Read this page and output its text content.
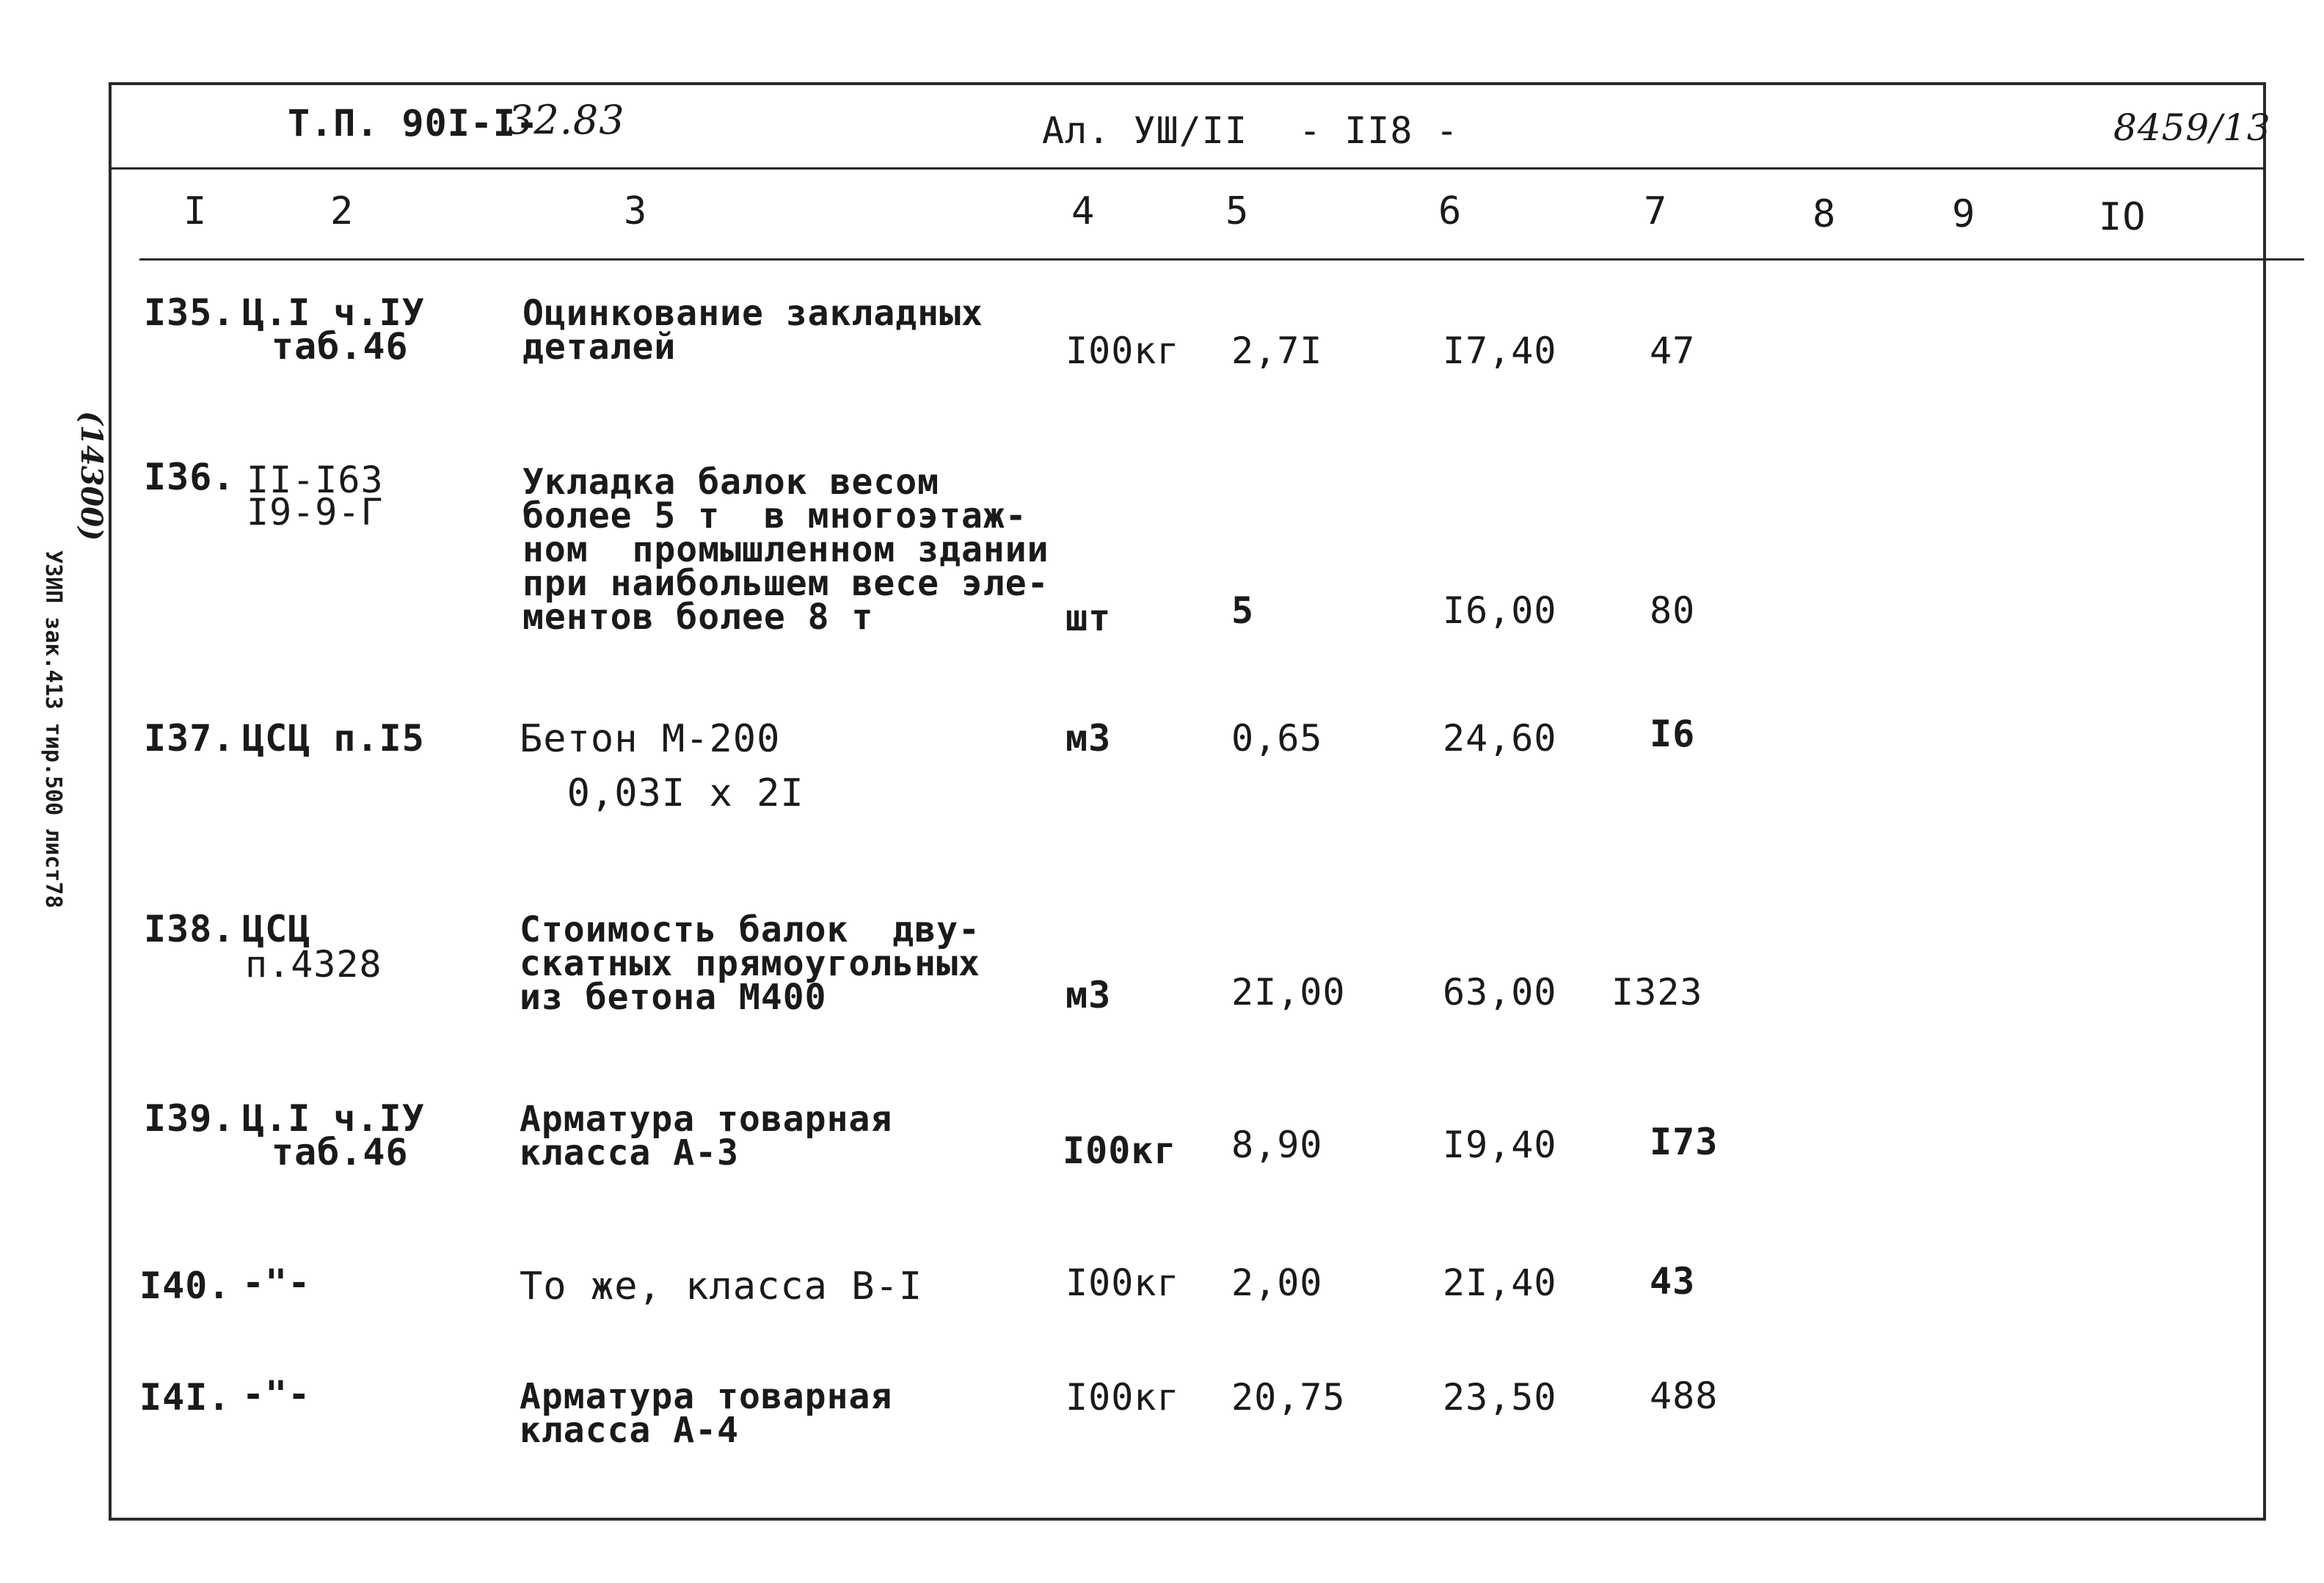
УЗИП зак.413 тир.500 лист78
(14300)
Т.П. 90I-I-
32.83	Ал. УШ/II - II8 -	8459/13
I	2	3	4	5	6	7	8	9	IO
I35. Ц.I ч.IУ
таб.46
Оцинкование закладных
деталей	I00кг 2,7I	I7,40	47
I36. II-I63
I9-9-Г
Укладка балок весом
более 5 т  в многоэтаж-
ном  промышленном здании
при наибольшем весе эле-
ментов более 8 т	шт	5	I6,00	80
I37. ЦСЦ п.I5 Бетон М-200
0,03I х 2I
м3	0,65	24,60	I6
I38. ЦСЦ
п.4328
Стоимость балок  дву-
скатных прямоугольных
из бетона М400	м3	2I,00	63,00 I323
I39. Ц.I ч.IУ
таб.46
Арматура товарная
класса А-3	I00кг 8,90	I9,40	I73
I40. -"-	То же, класса В-I	I00кг 2,00	2I,40	43
I4I. -"-	Арматура товарная
класса А-4
I00кг 20,75	23,50	488
